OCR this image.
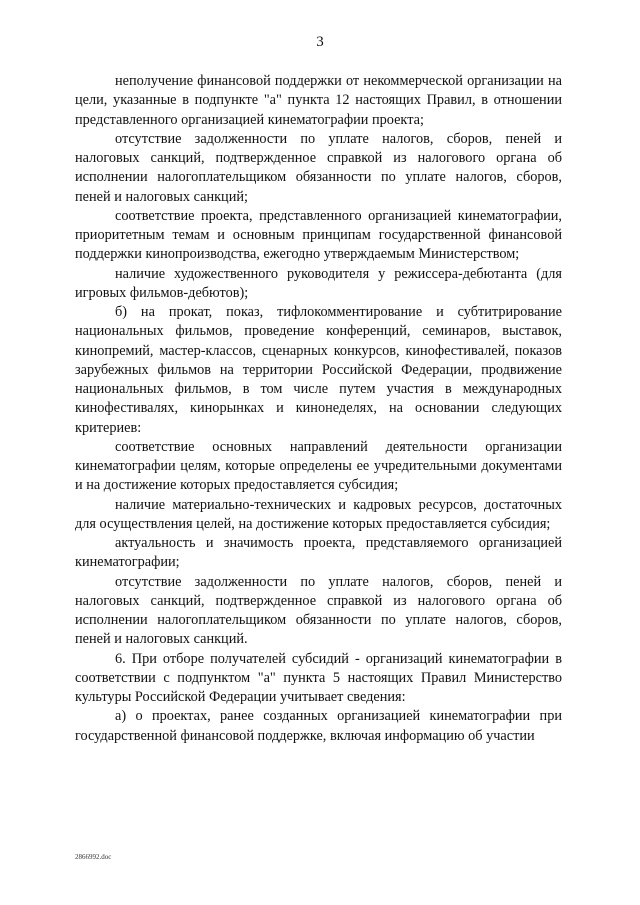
3

неполучение финансовой поддержки от некоммерческой организации на цели, указанные в подпункте "а" пункта 12 настоящих Правил, в отношении представленного организацией кинематографии проекта;

отсутствие задолженности по уплате налогов, сборов, пеней и налоговых санкций, подтвержденное справкой из налогового органа об исполнении налогоплательщиком обязанности по уплате налогов, сборов, пеней и налоговых санкций;

соответствие проекта, представленного организацией кинематографии, приоритетным темам и основным принципам государственной финансовой поддержки кинопроизводства, ежегодно утверждаемым Министерством;

наличие художественного руководителя у режиссера-дебютанта (для игровых фильмов-дебютов);

б) на прокат, показ, тифлокомментирование и субтитрирование национальных фильмов, проведение конференций, семинаров, выставок, кинопремий, мастер-классов, сценарных конкурсов, кинофестивалей, показов зарубежных фильмов на территории Российской Федерации, продвижение национальных фильмов, в том числе путем участия в международных кинофестивалях, кинорынках и кинонеделях, на основании следующих критериев:

соответствие основных направлений деятельности организации кинематографии целям, которые определены ее учредительными документами и на достижение которых предоставляется субсидия;

наличие материально-технических и кадровых ресурсов, достаточных для осуществления целей, на достижение которых предоставляется субсидия;

актуальность и значимость проекта, представляемого организацией кинематографии;

отсутствие задолженности по уплате налогов, сборов, пеней и налоговых санкций, подтвержденное справкой из налогового органа об исполнении налогоплательщиком обязанности по уплате налогов, сборов, пеней и налоговых санкций.

6. При отборе получателей субсидий - организаций кинематографии в соответствии с подпунктом "а" пункта 5 настоящих Правил Министерство культуры Российской Федерации учитывает сведения:

а) о проектах, ранее созданных организацией кинематографии при государственной финансовой поддержке, включая информацию об участии

2866992.doc
